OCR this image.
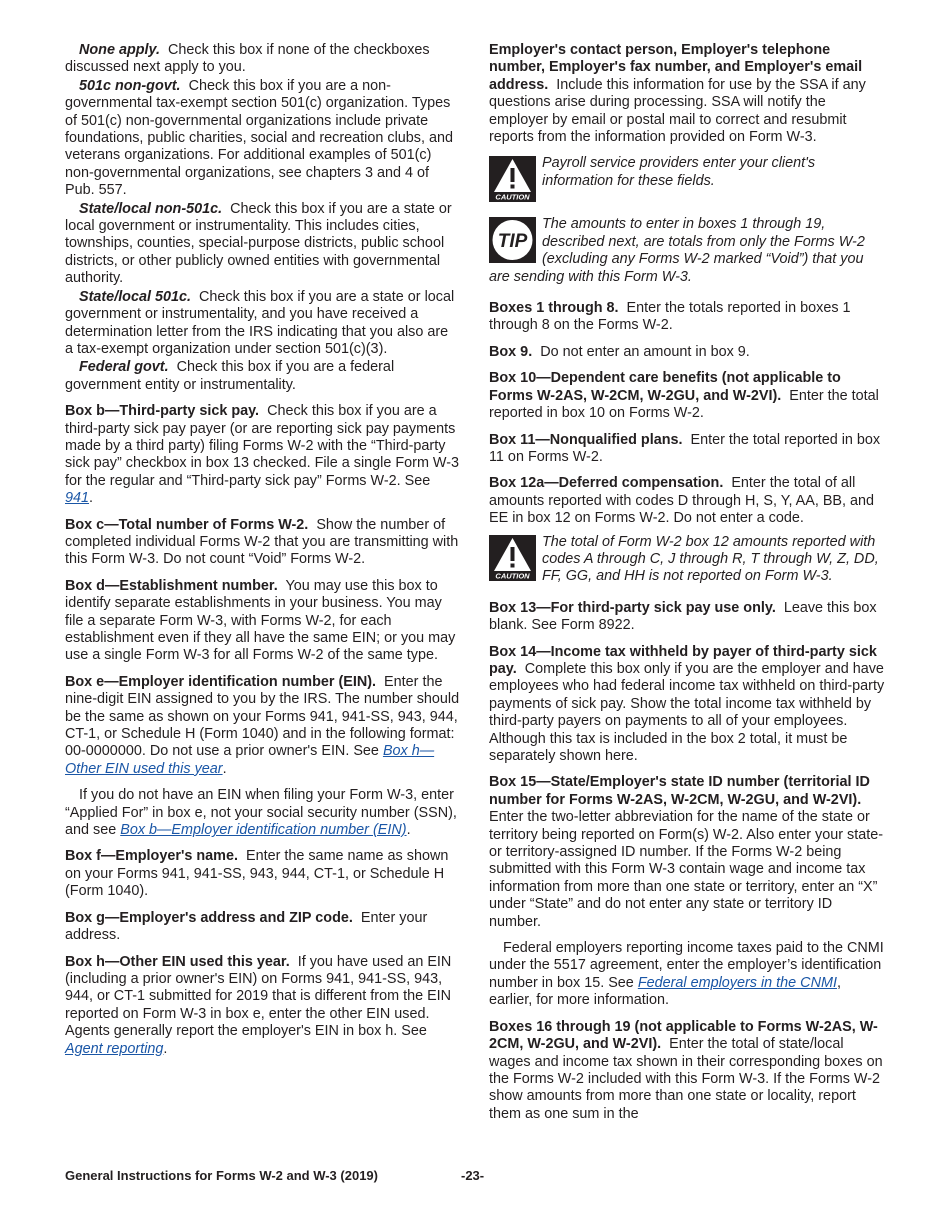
None apply. Check this box if none of the checkboxes discussed next apply to you.

501c non-govt. Check this box if you are a non-governmental tax-exempt section 501(c) organization. Types of 501(c) non-governmental organizations include private foundations, public charities, social and recreation clubs, and veterans organizations. For additional examples of 501(c) non-governmental organizations, see chapters 3 and 4 of Pub. 557.

State/local non-501c. Check this box if you are a state or local government or instrumentality. This includes cities, townships, counties, special-purpose districts, public school districts, or other publicly owned entities with governmental authority.

State/local 501c. Check this box if you are a state or local government or instrumentality, and you have received a determination letter from the IRS indicating that you also are a tax-exempt organization under section 501(c)(3).

Federal govt. Check this box if you are a federal government entity or instrumentality.

Box b—Third-party sick pay. Check this box if you are a third-party sick pay payer (or are reporting sick pay payments made by a third party) filing Forms W-2 with the “Third-party sick pay” checkbox in box 13 checked. File a single Form W-3 for the regular and “Third-party sick pay” Forms W-2. See 941.

Box c—Total number of Forms W-2. Show the number of completed individual Forms W-2 that you are transmitting with this Form W-3. Do not count “Void” Forms W-2.

Box d—Establishment number. You may use this box to identify separate establishments in your business. You may file a separate Form W-3, with Forms W-2, for each establishment even if they all have the same EIN; or you may use a single Form W-3 for all Forms W-2 of the same type.

Box e—Employer identification number (EIN). Enter the nine-digit EIN assigned to you by the IRS. The number should be the same as shown on your Forms 941, 941-SS, 943, 944, CT-1, or Schedule H (Form 1040) and in the following format: 00-0000000. Do not use a prior owner's EIN. See Box h—Other EIN used this year.

If you do not have an EIN when filing your Form W-3, enter “Applied For” in box e, not your social security number (SSN), and see Box b—Employer identification number (EIN).

Box f—Employer's name. Enter the same name as shown on your Forms 941, 941-SS, 943, 944, CT-1, or Schedule H (Form 1040).

Box g—Employer's address and ZIP code. Enter your address.

Box h—Other EIN used this year. If you have used an EIN (including a prior owner's EIN) on Forms 941, 941-SS, 943, 944, or CT-1 submitted for 2019 that is different from the EIN reported on Form W-3 in box e, enter the other EIN used. Agents generally report the employer's EIN in box h. See Agent reporting.

Employer's contact person, Employer's telephone number, Employer's fax number, and Employer's email address. Include this information for use by the SSA if any questions arise during processing. SSA will notify the employer by email or postal mail to correct and resubmit reports from the information provided on Form W-3.

CAUTION
Payroll service providers enter your client's information for these fields.
TIP
The amounts to enter in boxes 1 through 19, described next, are totals from only the Forms W-2 (excluding any Forms W-2 marked “Void”) that you are sending with this Form W-3.

Boxes 1 through 8. Enter the totals reported in boxes 1 through 8 on the Forms W-2.

Box 9. Do not enter an amount in box 9.

Box 10—Dependent care benefits (not applicable to Forms W-2AS, W-2CM, W-2GU, and W-2VI). Enter the total reported in box 10 on Forms W-2.

Box 11—Nonqualified plans. Enter the total reported in box 11 on Forms W-2.

Box 12a—Deferred compensation. Enter the total of all amounts reported with codes D through H, S, Y, AA, BB, and EE in box 12 on Forms W-2. Do not enter a code.

CAUTION
The total of Form W-2 box 12 amounts reported with codes A through C, J through R, T through W, Z, DD, FF, GG, and HH is not reported on Form W-3.

Box 13—For third-party sick pay use only. Leave this box blank. See Form 8922.

Box 14—Income tax withheld by payer of third-party sick pay. Complete this box only if you are the employer and have employees who had federal income tax withheld on third-party payments of sick pay. Show the total income tax withheld by third-party payers on payments to all of your employees. Although this tax is included in the box 2 total, it must be separately shown here.

Box 15—State/Employer's state ID number (territorial ID number for Forms W-2AS, W-2CM, W-2GU, and W-2VI).  Enter the two-letter abbreviation for the name of the state or territory being reported on Form(s) W-2. Also enter your state- or territory-assigned ID number. If the Forms W-2 being submitted with this Form W-3 contain wage and income tax information from more than one state or territory, enter an “X” under “State” and do not enter any state or territory ID number.

Federal employers reporting income taxes paid to the CNMI under the 5517 agreement, enter the employer’s identification number in box 15. See Federal employers in the CNMI, earlier, for more information.

Boxes 16 through 19 (not applicable to Forms W-2AS, W-2CM, W-2GU, and W-2VI). Enter the total of state/local wages and income tax shown in their corresponding boxes on the Forms W-2 included with this Form W-3. If the Forms W-2 show amounts from more than one state or locality, report them as one sum in the

General Instructions for Forms W-2 and W-3 (2019)	-23-
